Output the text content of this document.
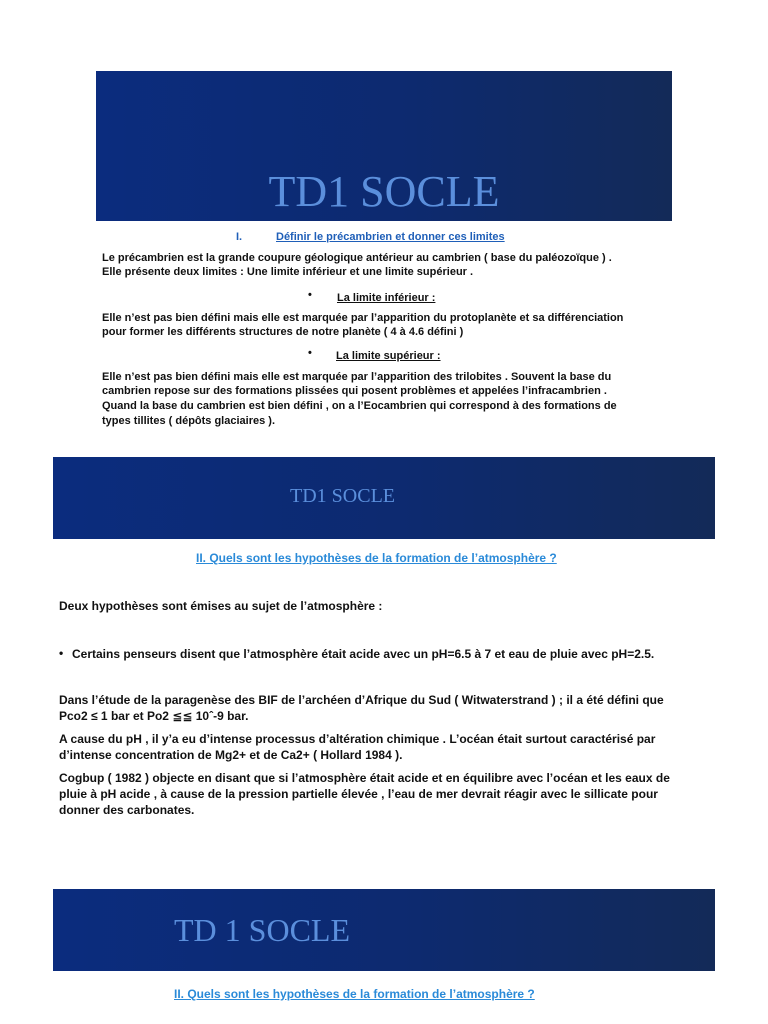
TD1 SOCLE
I.	Définir le précambrien et donner ces limites
Le précambrien est la grande coupure géologique antérieur au cambrien ( base du paléozoïque ) .
Elle présente deux limites : Une limite inférieur et une limite supérieur .
• La limite inférieur :
Elle n’est pas bien défini mais elle est marquée par l’apparition du protoplanète et sa différenciation
pour former les différents structures de notre planète ( 4 à 4.6 défini )
• La limite supérieur :
Elle n’est pas bien défini mais elle est marquée par l’apparition des trilobites . Souvent la base du
cambrien repose sur des formations plissées qui posent problèmes et appelées l’infracambrien .
Quand la base du cambrien est bien défini , on a l’Eocambrien qui correspond à des formations de
types tillites ( dépôts glaciaires ).
TD1 SOCLE
II. Quels sont les hypothèses de la formation de l’atmosphère ?
Deux hypothèses sont émises au sujet de l’atmosphère :
• Certains penseurs disent que l’atmosphère était acide avec un pH=6.5 à 7 et eau de pluie avec pH=2.5.
Dans l’étude de la paragenèse des BIF de l’archéen d’Afrique du Sud ( Witwaterstrand ) ; il a été défini que
Pco2 ≤ 1 bar et Po2 ≦≦ 10ˆ-9 bar.
A cause du pH , il y’a eu d’intense processus d’altération chimique . L’océan était surtout caractérisé par
d’intense concentration de Mg2+ et de Ca2+ ( Hollard 1984 ).
Cogbup ( 1982 ) objecte en disant que si l’atmosphère était acide et en équilibre avec l’océan et les eaux de
pluie à pH acide , à cause de la pression partielle élevée , l’eau de mer devrait réagir avec le sillicate pour
donner des carbonates.
TD 1 SOCLE
II. Quels sont les hypothèses de la formation de l’atmosphère ?
